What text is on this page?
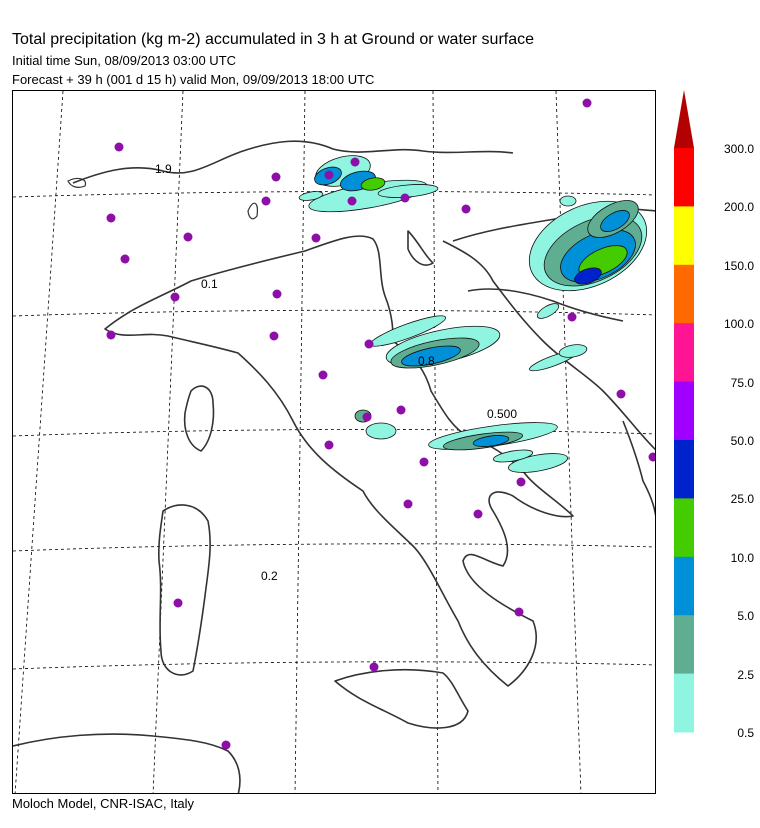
Total precipitation (kg m-2) accumulated in 3 h at Ground or water surface
Initial time Sun, 08/09/2013 03:00 UTC
Forecast + 39 h (001 d 15 h) valid Mon, 09/09/2013 18:00 UTC
1.9
0.1
0.2
0.500
0.8
300.0
200.0
150.0
100.0
75.0
50.0
25.0
10.0
5.0
2.5
0.5
Moloch Model, CNR-ISAC, Italy
